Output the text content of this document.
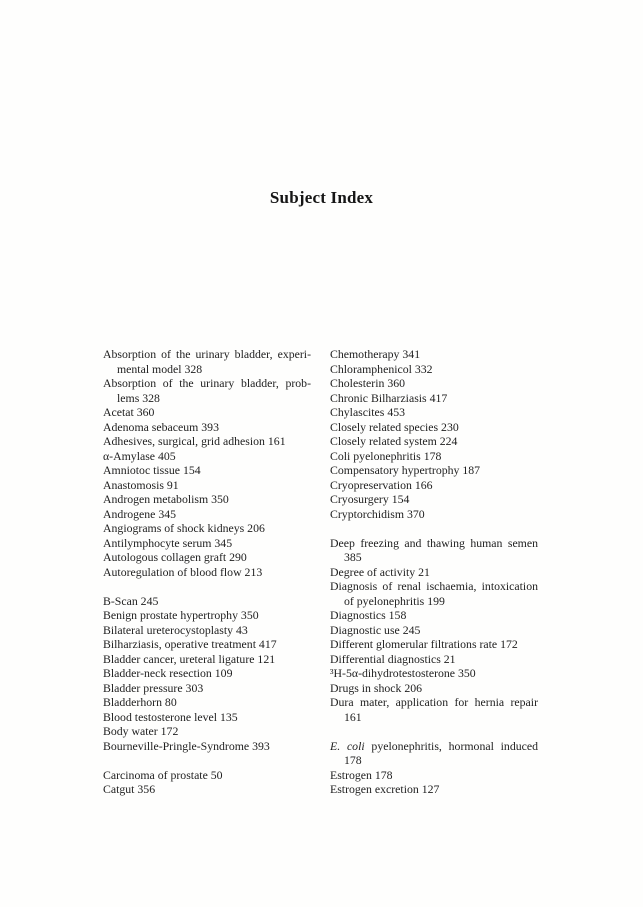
Subject Index
Absorption of the urinary bladder, experi-
mental model 328
Absorption of the urinary bladder, prob-
lems 328
Acetat 360
Adenoma sebaceum 393
Adhesives, surgical, grid adhesion 161
α-Amylase 405
Amniotoc tissue 154
Anastomosis 91
Androgen metabolism 350
Androgene 345
Angiograms of shock kidneys 206
Antilymphocyte serum 345
Autologous collagen graft 290
Autoregulation of blood flow 213
B-Scan 245
Benign prostate hypertrophy 350
Bilateral ureterocystoplasty 43
Bilharziasis, operative treatment 417
Bladder cancer, ureteral ligature 121
Bladder-neck resection 109
Bladder pressure 303
Bladderhorn 80
Blood testosterone level 135
Body water 172
Bourneville-Pringle-Syndrome 393
Carcinoma of prostate 50
Catgut 356
Chemotherapy 341
Chloramphenicol 332
Cholesterin 360
Chronic Bilharziasis 417
Chylascites 453
Closely related species 230
Closely related system 224
Coli pyelonephritis 178
Compensatory hypertrophy 187
Cryopreservation 166
Cryosurgery 154
Cryptorchidism 370
Deep freezing and thawing human semen
385
Degree of activity 21
Diagnosis of renal ischaemia, intoxication
of pyelonephritis 199
Diagnostics 158
Diagnostic use 245
Different glomerular filtrations rate 172
Differential diagnostics 21
³H-5α-dihydrotestosterone 350
Drugs in shock 206
Dura mater, application for hernia repair
161
E. coli pyelonephritis, hormonal induced
178
Estrogen 178
Estrogen excretion 127
